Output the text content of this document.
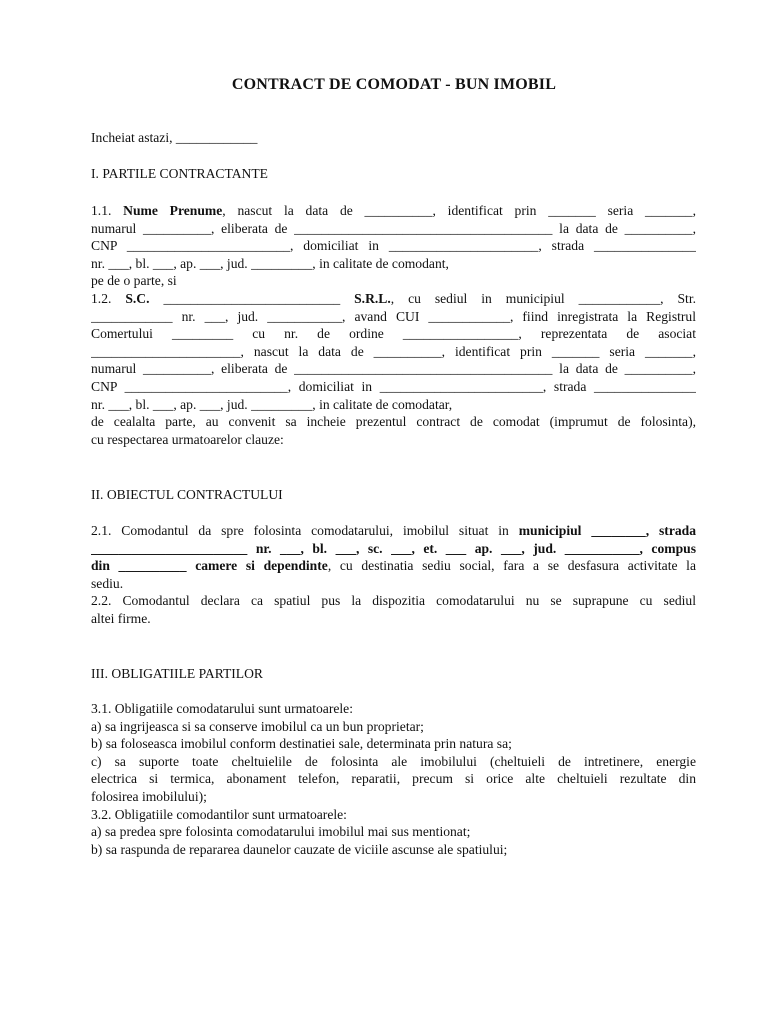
CONTRACT DE COMODAT - BUN IMOBIL
Incheiat astazi, ____________
I. PARTILE CONTRACTANTE
1.1. Nume Prenume, nascut la data de __________, identificat prin _______ seria _______,
numarul __________, eliberata de ______________________________________ la data de __________,
CNP ________________________, domiciliat in ______________________, strada _______________
nr. ___, bl. ___, ap. ___, jud. _________, in calitate de comodant,
pe de o parte, si
1.2. S.C. __________________________ S.R.L., cu sediul in municipiul ____________, Str.
____________ nr. ___, jud. ___________, avand CUI ____________, fiind inregistrata la Registrul
Comertului _________ cu nr. de ordine _________________, reprezentata de asociat
______________________, nascut la data de __________, identificat prin _______ seria _______,
numarul __________, eliberata de ______________________________________ la data de __________,
CNP ________________________, domiciliat in ________________________, strada _______________
nr. ___, bl. ___, ap. ___, jud. _________, in calitate de comodatar,
de cealalta parte, au convenit sa incheie prezentul contract de comodat (imprumut de folosinta),
cu respectarea urmatoarelor clauze:
II. OBIECTUL CONTRACTULUI
2.1. Comodantul da spre folosinta comodatarului, imobilul situat in municipiul ________, strada
_______________________ nr. ___, bl. ___, sc. ___, et. ___ ap. ___, jud. ___________, compus
din __________ camere si dependinte, cu destinatia sediu social, fara a se desfasura activitate la
sediu.
2.2. Comodantul declara ca spatiul pus la dispozitia comodatarului nu se suprapune cu sediul
altei firme.
III. OBLIGATIILE PARTILOR
3.1. Obligatiile comodatarului sunt urmatoarele:
a) sa ingrijeasca si sa conserve imobilul ca un bun proprietar;
b) sa foloseasca imobilul conform destinatiei sale, determinata prin natura sa;
c) sa suporte toate cheltuielile de folosinta ale imobilului (cheltuieli de intretinere, energie
electrica si termica, abonament telefon, reparatii, precum si orice alte cheltuieli rezultate din
folosirea imobilului);
3.2. Obligatiile comodantilor sunt urmatoarele:
a) sa predea spre folosinta comodatarului imobilul mai sus mentionat;
b) sa raspunda de repararea daunelor cauzate de viciile ascunse ale spatiului;
